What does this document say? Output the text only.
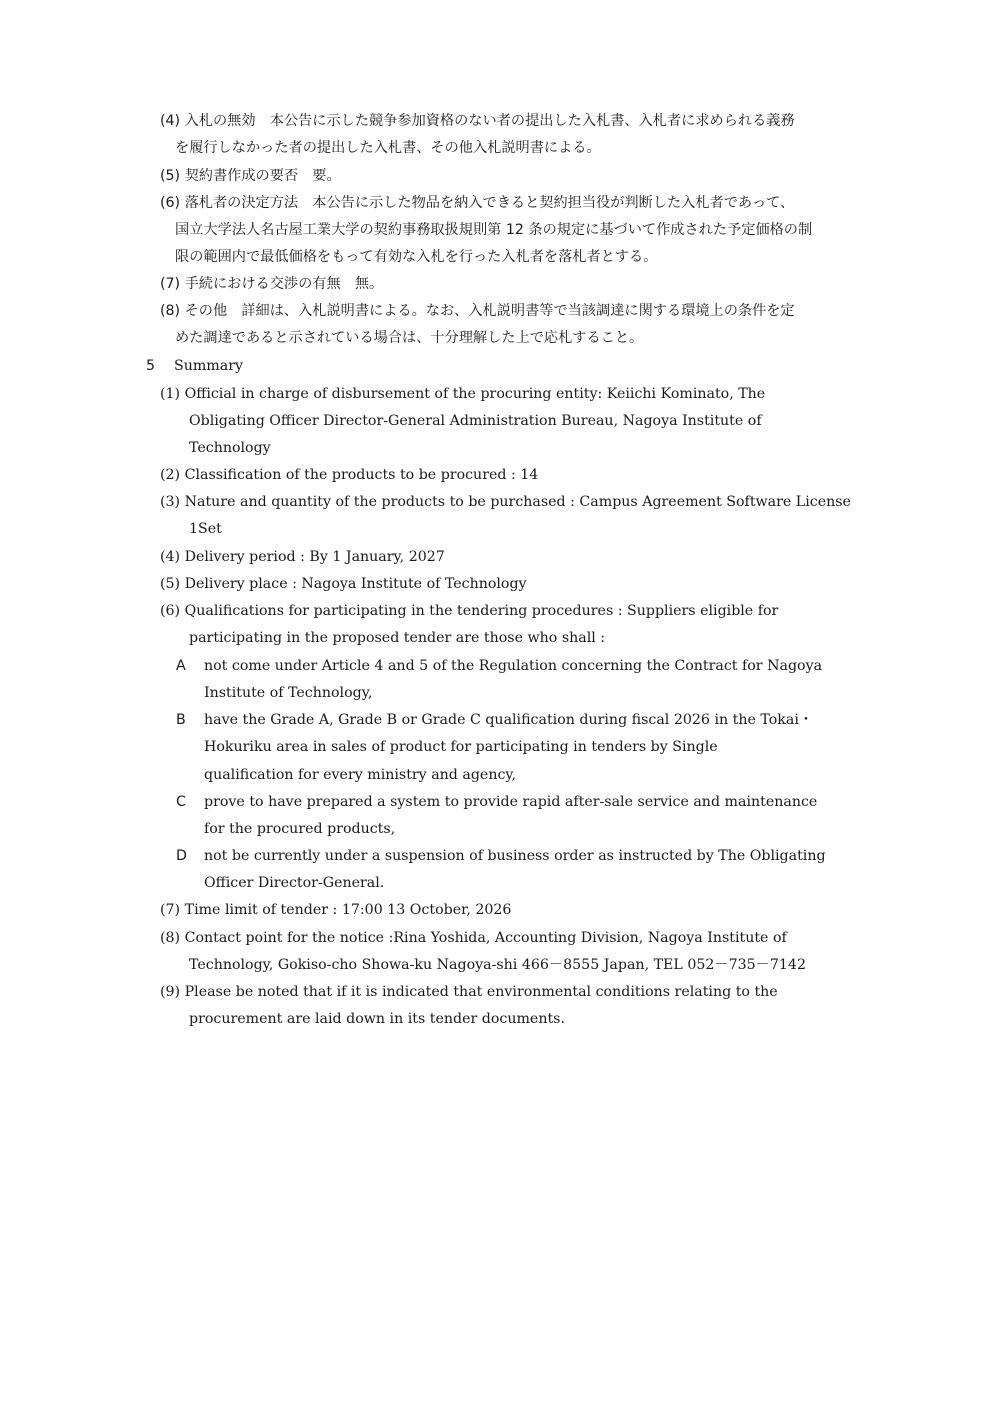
(4) 入札の無効　本公告に示した競争参加資格のない者の提出した入札書、入札者に求められる義務
を履行しなかった者の提出した入札書、その他入札説明書による。
(5) 契約書作成の要否　要。
(6) 落札者の決定方法　本公告に示した物品を納入できると契約担当役が判断した入札者であって、
国立大学法人名古屋工業大学の契約事務取扱規則第 12 条の規定に基づいて作成された予定価格の制
限の範囲内で最低価格をもって有効な入札を行った入札者を落札者とする。
(7) 手続における交渉の有無　無。
(8) その他　詳細は、入札説明書による。なお、入札説明書等で当該調達に関する環境上の条件を定
めた調達であると示されている場合は、十分理解した上で応札すること。
5 Summary
(1) Official in charge of disbursement of the procuring entity: Keiichi Kominato, The
Obligating Officer Director-General Administration Bureau, Nagoya Institute of
Technology
(2) Classification of the products to be procured : 14
(3) Nature and quantity of the products to be purchased : Campus Agreement Software License
1Set
(4) Delivery period : By 1 January, 2027
(5) Delivery place : Nagoya Institute of Technology
(6) Qualifications for participating in the tendering procedures : Suppliers eligible for
participating in the proposed tender are those who shall :
A not come under Article 4 and 5 of the Regulation concerning the Contract for Nagoya
Institute of Technology,
B have the Grade A, Grade B or Grade C qualification during fiscal 2026 in the Tokai・
Hokuriku area in sales of product for participating in tenders by Single
qualification for every ministry and agency,
C prove to have prepared a system to provide rapid after-sale service and maintenance
for the procured products,
D not be currently under a suspension of business order as instructed by The Obligating
Officer Director-General.
(7) Time limit of tender : 17:00 13 October, 2026
(8) Contact point for the notice :Rina Yoshida, Accounting Division, Nagoya Institute of
Technology, Gokiso-cho Showa-ku Nagoya-shi 466－8555 Japan, TEL 052－735－7142
(9) Please be noted that if it is indicated that environmental conditions relating to the
procurement are laid down in its tender documents.
